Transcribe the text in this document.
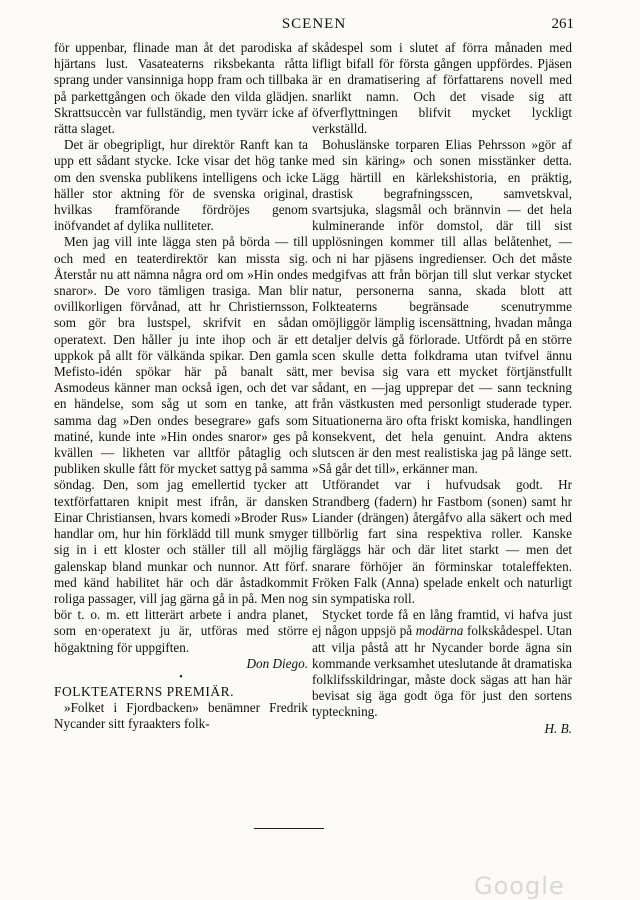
SCENEN	261

för uppenbar, flinade man åt det parodiska af hjärtans lust. Vasateaterns riksbekanta råtta sprang under vansinniga hopp fram och tillbaka på parkettgången och ökade den vilda glädjen. Skrattsuccèn var fullständig, men tyvärr icke af rätta slaget.

Det är obegripligt, hur direktör Ranft kan ta upp ett sådant stycke. Icke visar det hög tanke om den svenska publikens intelligens och icke häller stor aktning för de svenska original, hvilkas framförande fördröjes genom inöfvandet af dylika nulliteter.

Men jag vill inte lägga sten på börda — till och med en teaterdirektör kan missta sig. Återstår nu att nämna några ord om »Hin ondes snaror». De voro tämligen trasiga. Man blir ovillkorligen förvånad, att hr Christiernsson, som gör bra lustspel, skrifvit en sådan operatext. Den håller ju inte ihop och är ett uppkok på allt för välkända spikar. Den gamla Mefisto-idén spökar här på banalt sätt, Asmodeus känner man också igen, och det var en händelse, som såg ut som en tanke, att samma dag »Den ondes besegrare» gafs som matiné, kunde inte »Hin ondes snaror» ges på kvällen — likheten var alltför påtaglig och publiken skulle fått för mycket sattyg på samma söndag. Den, som jag emellertid tycker att textförfattaren knipit mest ifrån, är dansken Einar Christiansen, hvars komedi »Broder Rus» handlar om, hur hin förklädd till munk smyger sig in i ett kloster och ställer till all möjlig galenskap bland munkar och nunnor. Att förf. med känd habilitet här och där åstadkommit roliga passager, vill jag gärna gå in på. Men nog bör t. o. m. ett litterärt arbete i andra planet, som en·operatext ju är, utföras med större högaktning för uppgiften.

Don Diego.

•

FOLKTEATERNS PREMIÄR.

»Folket i Fjordbacken» benämner Fredrik Nycander sitt fyraakters folk-

skådespel som i slutet af förra månaden med lifligt bifall för första gången uppfördes. Pjäsen är en dramatisering af författarens novell med snarlikt namn. Och det visade sig att öfverflyttningen blifvit mycket lyckligt verkställd.

Bohuslänske torparen Elias Pehrsson »gör af med sin käring» och sonen misstänker detta. Lägg härtill en kärlekshistoria, en präktig, drastisk begrafningsscen, samvetskval, svartsjuka, slagsmål och brännvin — det hela kulminerande inför domstol, där till sist upplösningen kommer till allas belåtenhet, — och ni har pjäsens ingredienser. Och det måste medgifvas att från början till slut verkar stycket natur, personerna sanna, skada blott att Folkteaterns begränsade scenutrymme omöjliggör lämplig iscensättning, hvadan många detaljer delvis gå förlorade. Utfördt på en större scen skulle detta folkdrama utan tvifvel ännu mer bevisa sig vara ett mycket förtjänstfullt sådant, en —jag upprepar det — sann teckning från västkusten med personligt studerade typer. Situationerna äro ofta friskt komiska, handlingen konsekvent, det hela genuint. Andra aktens slutscen är den mest realistiska jag på länge sett. »Så går det till», erkänner man.

Utförandet var i hufvudsak godt. Hr Strandberg (fadern) hr Fastbom (sonen) samt hr Liander (drängen) återgåfvo alla säkert och med tillbörlig fart sina respektiva roller. Kanske färgläggs här och där litet starkt — men det snarare förhöjer än förminskar totaleffekten. Fröken Falk (Anna) spelade enkelt och naturligt sin sympatiska roll.

Stycket torde få en lång framtid, vi hafva just ej någon uppsjö på modärna folkskådespel. Utan att vilja påstå att hr Nycander borde ägna sin kommande verksamhet uteslutande åt dramatiska folklifsskildringar, måste dock sägas att han här bevisat sig äga godt öga för just den sortens typteckning.

H. B.

Google
